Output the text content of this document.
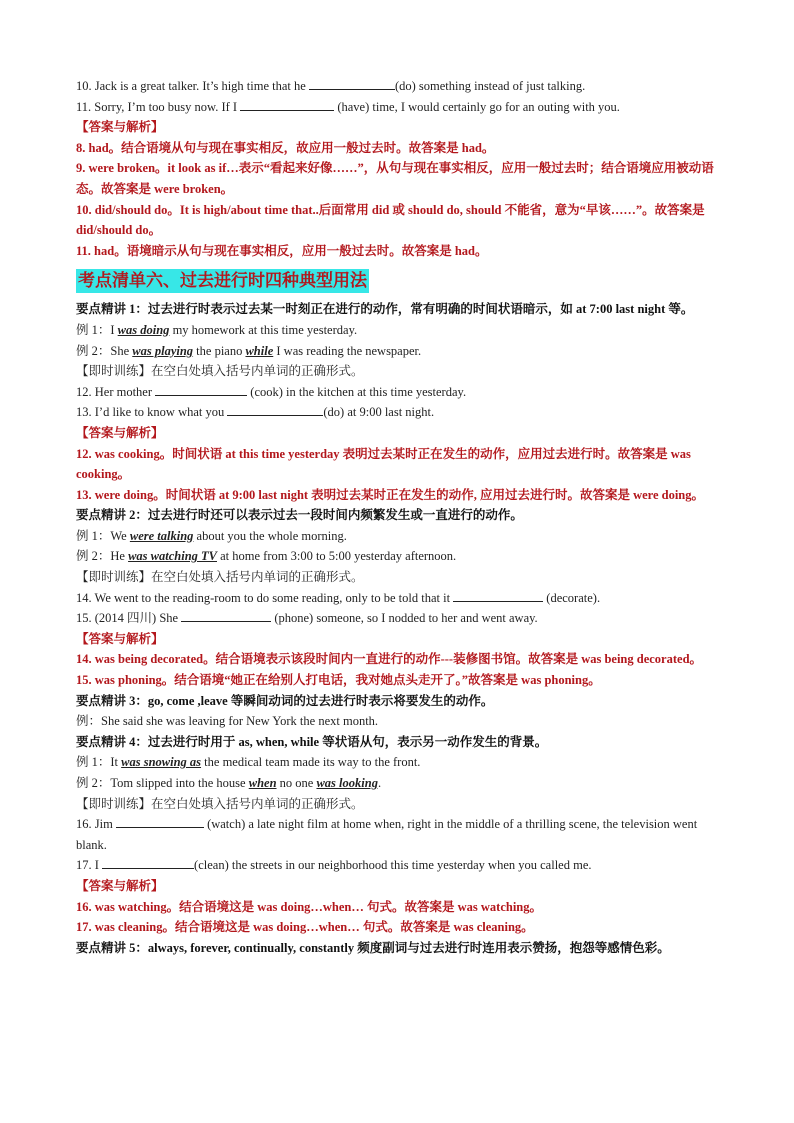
10. Jack is a great talker. It’s high time that he	(do) something instead of just talking.

11. Sorry, I’m too busy now. If I	(have) time, I would certainly go for an outing with you.

【答案与解析】

8. had。结合语境从句与现在事实相反，故应用一般过去时。故答案是 had。

9. were broken。it look as if…表示“看起来好像……”，从句与现在事实相反，应用一般过去时；结合语境应用被动语态。故答案是 were broken。

10. did/should do。It is high/about time that..后面常用 did 或 should do, should 不能省，意为“早该……”。故答案是 did/should do。

11. had。语境暗示从句与现在事实相反，应用一般过去时。故答案是 had。

考点清单六、过去进行时四种典型用法

要点精讲 1：过去进行时表示过去某一时刻正在进行的动作，常有明确的时间状语暗示，如 at 7:00 last night 等。

例 1：I was doing my homework at this time yesterday.

例 2：She was playing the piano while I was reading the newspaper.

【即时训练】在空白处填入括号内单词的正确形式。

12. Her mother	(cook) in the kitchen at this time yesterday.

13. I’d like to know what you	(do) at 9:00 last night.

【答案与解析】

12. was cooking。时间状语 at this time yesterday 表明过去某时正在发生的动作，应用过去进行时。故答案是 was cooking。

13. were doing。时间状语 at 9:00 last night 表明过去某时正在发生的动作, 应用过去进行时。故答案是 were doing。

要点精讲 2：过去进行时还可以表示过去一段时间内频繁发生或一直进行的动作。

例 1：We were talking about you the whole morning.

例 2：He was watching TV at home from 3:00 to 5:00 yesterday afternoon.

【即时训练】在空白处填入括号内单词的正确形式。

14. We went to the reading-room to do some reading, only to be told that it	(decorate).

15. (2014 四川) She	(phone) someone, so I nodded to her and went away.

【答案与解析】

14. was being decorated。结合语境表示该段时间内一直进行的动作---装修图书馆。故答案是 was being decorated。

15. was phoning。结合语境“她正在给别人打电话，我对她点头走开了。”故答案是 was phoning。

要点精讲 3：go, come ,leave 等瞬间动词的过去进行时表示将要发生的动作。

例：She said she was leaving for New York the next month.

要点精讲 4：过去进行时用于 as, when, while 等状语从句，表示另一动作发生的背景。

例 1：It was snowing as the medical team made its way to the front.

例 2：Tom slipped into the house when no one was looking.

【即时训练】在空白处填入括号内单词的正确形式。

16. Jim	(watch) a late night film at home when, right in the middle of a thrilling scene, the television went blank.

17. I	(clean) the streets in our neighborhood this time yesterday when you called me.

【答案与解析】

16. was watching。结合语境这是 was doing…when… 句式。故答案是 was watching。

17. was cleaning。结合语境这是 was doing…when… 句式。故答案是 was cleaning。

要点精讲 5：always, forever, continually, constantly 频度副词与过去进行时连用表示赞扬，抱怨等感情色彩。
